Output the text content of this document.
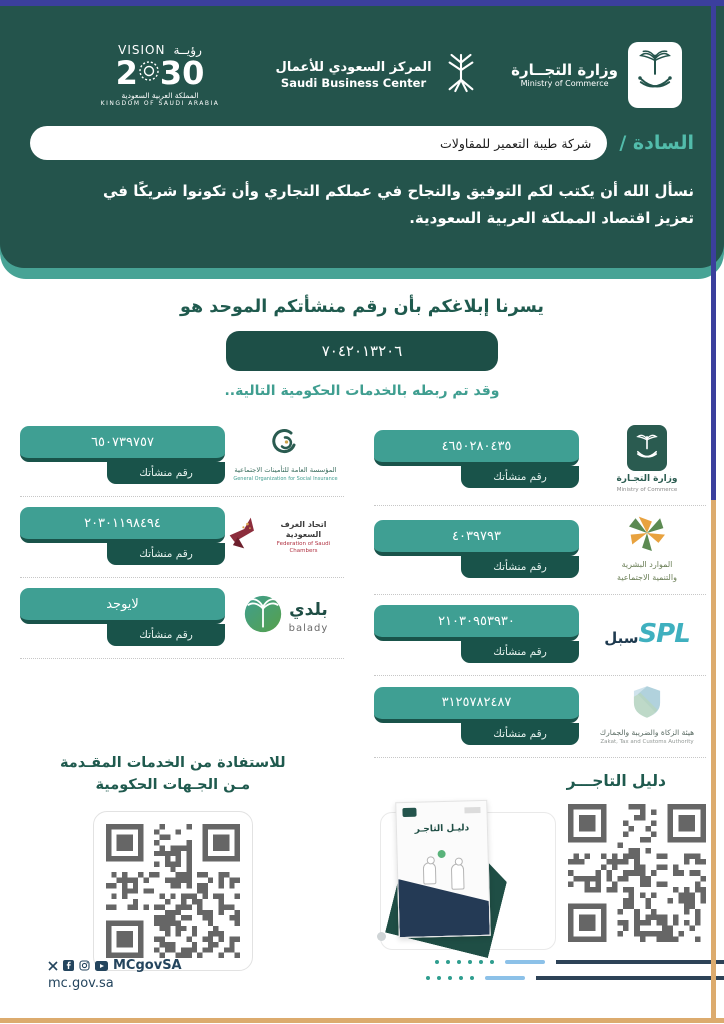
وزارة التجــارة
Ministry of Commerce
المركز السعودي للأعمال
Saudi Business Center
رؤيــة
VISION
2 30
المملكة العربية السعودية
KINGDOM OF SAUDI ARABIA
السادة /
شركة طيبة التعمير للمقاولات

نسأل الله أن يكتب لكم التوفيق والنجاح في عملكم التجاري وأن تكونوا شريكًا في تعزيز اقتصاد المملكة العربية السعودية.

يسرنا إبلاغكم بأن رقم منشأتكم الموحد هو
٧٠٤٢٠١٣٢٠٦

وقد تم ربطه بالخدمات الحكومية التالية..

وزارة التجـارة
Ministry of Commerce
٤٦٥٠٢٨٠٤٣٥
رقم منشأتك
الموارد البشرية
والتنمية الاجتماعية
٤٠٣٩٧٩٣
رقم منشأتك
سبل SPL
٢١٠٣٠٩٥٣٩٣٠
رقم منشأتك
هيئة الزكاة والضريبة والجمارك
Zakat, Tax and Customs Authority
٣١٢٥٧٨٢٤٨٧
رقم منشأتك
المؤسسة العامة للتأمينات الاجتماعية
General Organization for Social Insurance
٦٥٠٧٣٩٧٥٧
رقم منشأتك
اتحاد الغرف السعودية
Federation of Saudi Chambers
٢٠٣٠١١٩٨٤٩٤
رقم منشأتك
بلدي
balady
لايوجد
رقم منشأتك
دليل التاجـــر
دليـل التاجـر
للاستفادة من الخدمات المقـدمة
مـن الجـهات الحكومية
MCgovSA
mc.gov.sa
